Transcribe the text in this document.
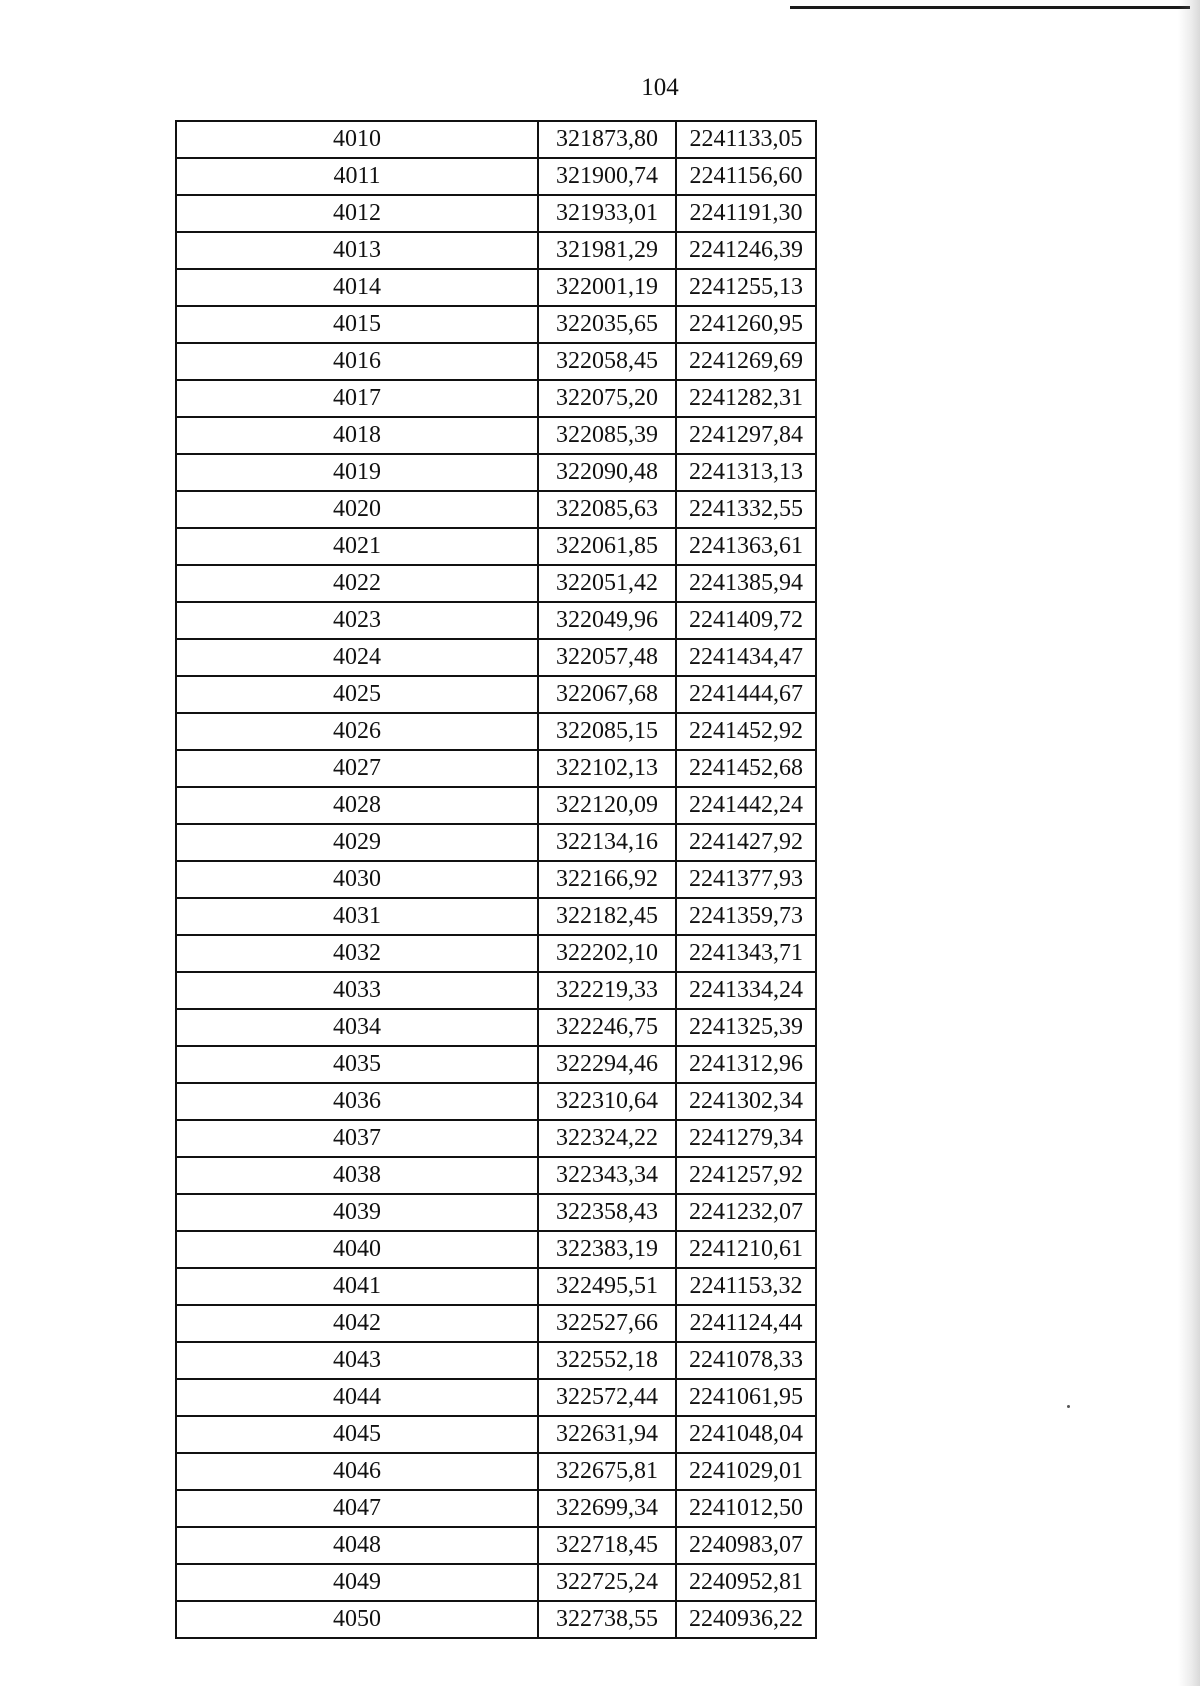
104
4010	321873,80	2241133,05
4011	321900,74	2241156,60
4012	321933,01	2241191,30
4013	321981,29	2241246,39
4014	322001,19	2241255,13
4015	322035,65	2241260,95
4016	322058,45	2241269,69
4017	322075,20	2241282,31
4018	322085,39	2241297,84
4019	322090,48	2241313,13
4020	322085,63	2241332,55
4021	322061,85	2241363,61
4022	322051,42	2241385,94
4023	322049,96	2241409,72
4024	322057,48	2241434,47
4025	322067,68	2241444,67
4026	322085,15	2241452,92
4027	322102,13	2241452,68
4028	322120,09	2241442,24
4029	322134,16	2241427,92
4030	322166,92	2241377,93
4031	322182,45	2241359,73
4032	322202,10	2241343,71
4033	322219,33	2241334,24
4034	322246,75	2241325,39
4035	322294,46	2241312,96
4036	322310,64	2241302,34
4037	322324,22	2241279,34
4038	322343,34	2241257,92
4039	322358,43	2241232,07
4040	322383,19	2241210,61
4041	322495,51	2241153,32
4042	322527,66	2241124,44
4043	322552,18	2241078,33
4044	322572,44	2241061,95
4045	322631,94	2241048,04
4046	322675,81	2241029,01
4047	322699,34	2241012,50
4048	322718,45	2240983,07
4049	322725,24	2240952,81
4050	322738,55	2240936,22
